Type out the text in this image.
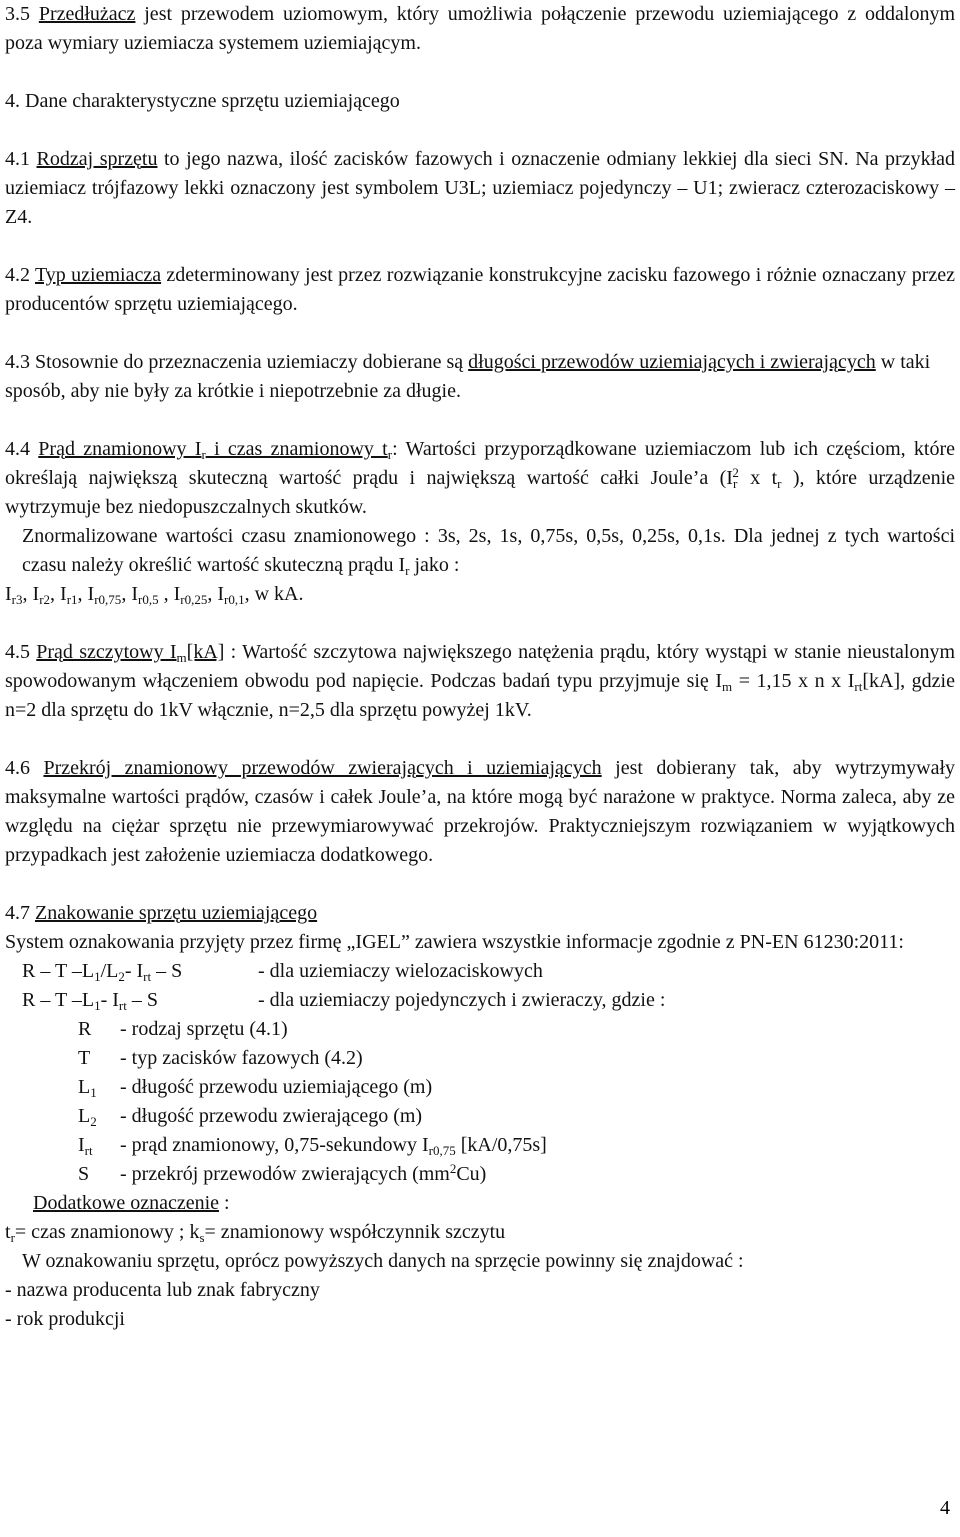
3.5 Przedłużacz jest przewodem uziomowym, który umożliwia połączenie przewodu uziemiającego z oddalonym poza wymiary uziemiacza systemem uziemiającym.

4. Dane charakterystyczne sprzętu uziemiającego

4.1 Rodzaj sprzętu to jego nazwa, ilość zacisków fazowych i oznaczenie odmiany lekkiej dla sieci SN. Na przykład uziemiacz trójfazowy lekki oznaczony jest symbolem U3L; uziemiacz pojedynczy – U1; zwieracz czterozaciskowy – Z4.

4.2 Typ uziemiacza zdeterminowany jest przez rozwiązanie konstrukcyjne zacisku fazowego i różnie oznaczany przez producentów sprzętu uziemiającego.

4.3 Stosownie do przeznaczenia uziemiaczy dobierane są długości przewodów uziemiających i zwierających w taki sposób, aby nie były za krótkie i niepotrzebnie za długie.

4.4 Prąd znamionowy $I_r$ i czas znamionowy $t_r$: Wartości przyporządkowane uziemiaczom lub ich częściom, które określają największą skuteczną wartość prądu i największą wartość całki Joule’a ($I_r^2$ x $t_r$ ), które urządzenie wytrzymuje bez niedopuszczalnych skutków.

Znormalizowane wartości czasu znamionowego : 3s, 2s, 1s, 0,75s, 0,5s, 0,25s, 0,1s. Dla jednej z tych wartości czasu należy określić wartość skuteczną prądu $I_r$ jako :

$I_{r3}$, $I_{r2}$, $I_{r1}$, $I_{r0,75}$, $I_{r0,5}$ , $I_{r0,25}$, $I_{r0,1}$, w kA.

4.5 Prąd szczytowy $I_m[kA]$ : Wartość szczytowa największego natężenia prądu, który wystąpi w stanie nieustalonym spowodowanym włączeniem obwodu pod napięcie. Podczas badań typu przyjmuje się $I_m = 1,15$ x n x $I_{rt}[kA]$, gdzie n=2 dla sprzętu do 1kV włącznie, n=2,5 dla sprzętu powyżej 1kV.

4.6 Przekrój znamionowy przewodów zwierających i uziemiających jest dobierany tak, aby wytrzymywały maksymalne wartości prądów, czasów i całek Joule’a, na które mogą być narażone w praktyce. Norma zaleca, aby ze względu na ciężar sprzętu nie przewymiarowywać przekrojów. Praktyczniejszym rozwiązaniem w wyjątkowych przypadkach jest założenie uziemiacza dodatkowego.

4.7 Znakowanie sprzętu uziemiającego

System oznakowania przyjęty przez firmę „IGEL” zawiera wszystkie informacje zgodnie z PN-EN 61230:2011:

R – T $-L_1/L_2-$ $I_{rt}$ – S	- dla uziemiaczy wielozaciskowych
R – T $-L_1-$ $I_{rt}$ – S	- dla uziemiaczy pojedynczych i zwieraczy, gdzie :
R	- rodzaj sprzętu (4.1)
T	- typ zacisków fazowych (4.2)
$L_1$	- długość przewodu uziemiającego (m)
$L_2$	- długość przewodu zwierającego (m)
$I_{rt}$	- prąd znamionowy, 0,75-sekundowy $I_{r0,75}$ [kA/0,75s]
S	- przekrój przewodów zwierających $(mm^2Cu)$

Dodatkowe oznaczenie :

$t_r=$ czas znamionowy ; $k_s=$ znamionowy współczynnik szczytu

W oznakowaniu sprzętu, oprócz powyższych danych na sprzęcie powinny się znajdować :

- nazwa producenta lub znak fabryczny

- rok produkcji

4
